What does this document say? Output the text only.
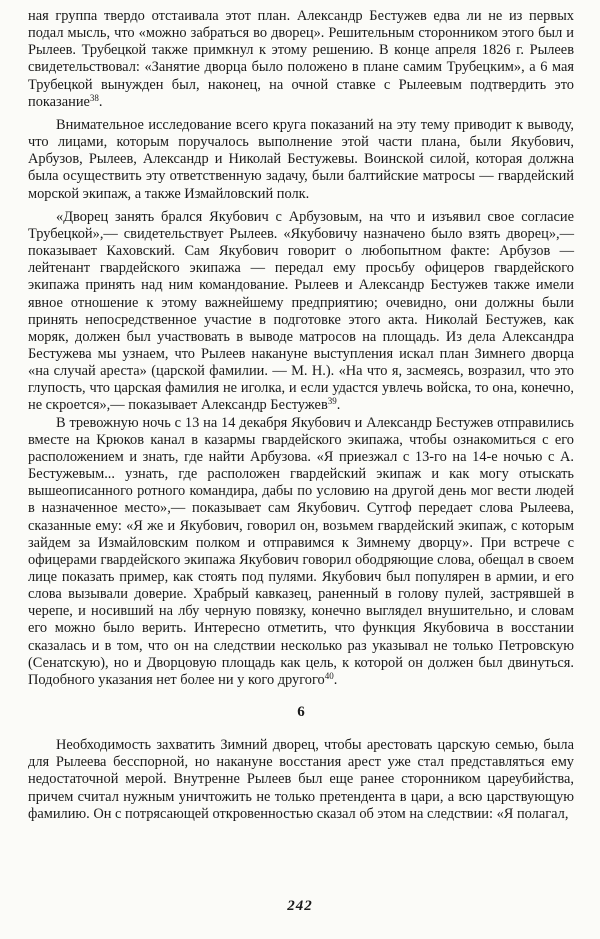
ная группа твердо отстаивала этот план. Александр Бестужев едва ли не из первых подал мысль, что «можно забраться во дворец». Решительным сторонником этого был и Рылеев. Трубецкой также примкнул к этому решению. В конце апреля 1826 г. Рылеев свидетельствовал: «Занятие дворца было положено в плане самим Трубецким», а 6 мая Трубецкой вынужден был, наконец, на очной ставке с Рылеевым подтвердить это показание$^{38}$.

Внимательное исследование всего круга показаний на эту тему приводит к выводу, что лицами, которым поручалось выполнение этой части плана, были Якубович, Арбузов, Рылеев, Александр и Николай Бестужевы. Воинской силой, которая должна была осуществить эту ответственную задачу, были балтийские матросы — гвардейский морской экипаж, а также Измайловский полк.

«Дворец занять брался Якубович с Арбузовым, на что и изъявил свое согласие Трубецкой»,— свидетельствует Рылеев. «Якубовичу назначено было взять дворец»,— показывает Каховский. Сам Якубович говорит о любопытном факте: Арбузов — лейтенант гвардейского экипажа — передал ему просьбу офицеров гвардейского экипажа принять над ним командование. Рылеев и Александр Бестужев также имели явное отношение к этому важнейшему предприятию; очевидно, они должны были принять непосредственное участие в подготовке этого акта. Николай Бестужев, как моряк, должен был участвовать в выводе матросов на площадь. Из дела Александра Бестужева мы узнаем, что Рылеев накануне выступления искал план Зимнего дворца «на случай ареста» (царской фамилии. — М. Н.). «На что я, засмеясь, возразил, что это глупость, что царская фамилия не иголка, и если удастся увлечь войска, то она, конечно, не скроется»,— показывает Александр Бестужев$^{39}$.

В тревожную ночь с 13 на 14 декабря Якубович и Александр Бестужев отправились вместе на Крюков канал в казармы гвардейского экипажа, чтобы ознакомиться с его расположением и знать, где найти Арбузова. «Я приезжал с 13-го на 14-е ночью с А. Бестужевым... узнать, где расположен гвардейский экипаж и как могу отыскать вышеописанного ротного командира, дабы по условию на другой день мог вести людей в назначенное место»,— показывает сам Якубович. Сутгоф передает слова Рылеева, сказанные ему: «Я же и Якубович, говорил он, возьмем гвардейский экипаж, с которым зайдем за Измайловским полком и отправимся к Зимнему дворцу». При встрече с офицерами гвардейского экипажа Якубович говорил ободряющие слова, обещал в своем лице показать пример, как стоять под пулями. Якубович был популярен в армии, и его слова вызывали доверие. Храбрый кавказец, раненный в голову пулей, застрявшей в черепе, и носивший на лбу черную повязку, конечно выглядел внушительно, и словам его можно было верить. Интересно отметить, что функция Якубовича в восстании сказалась и в том, что он на следствии несколько раз указывал не только Петровскую (Сенатскую), но и Дворцовую площадь как цель, к которой он должен был двинуться. Подобного указания нет более ни у кого другого$^{40}$.

6

Необходимость захватить Зимний дворец, чтобы арестовать царскую семью, была для Рылеева бесспорной, но накануне восстания арест уже стал представляться ему недостаточной мерой. Внутренне Рылеев был еще ранее сторонником цареубийства, причем считал нужным уничтожить не только претендента в цари, а всю царствующую фамилию. Он с потрясающей откровенностью сказал об этом на следствии: «Я полагал,

242
